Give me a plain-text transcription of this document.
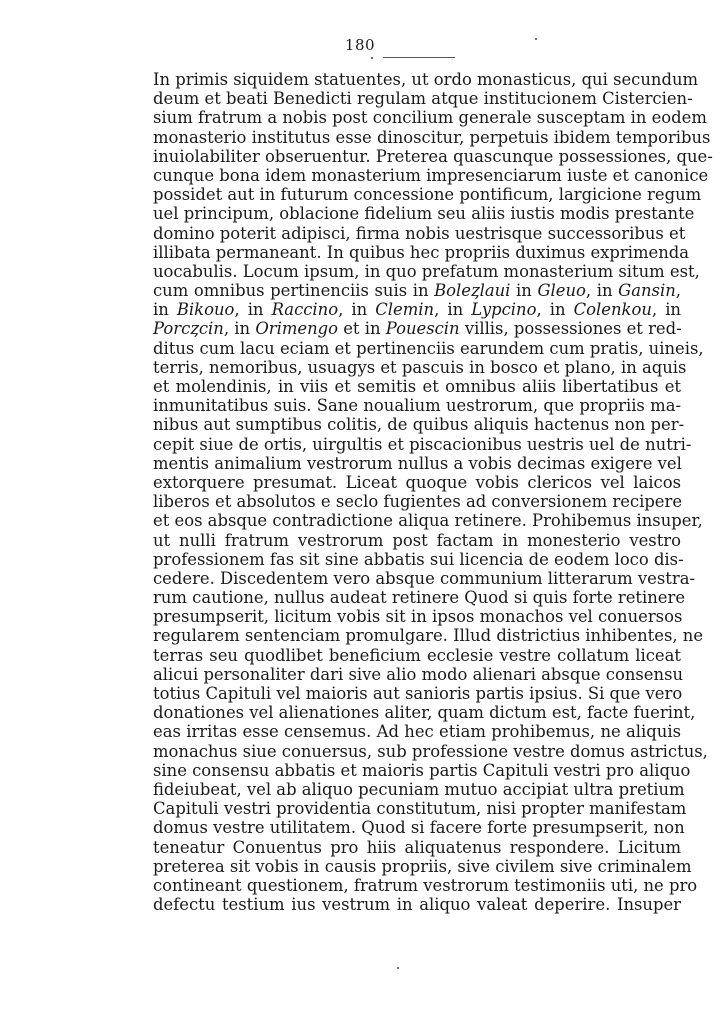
180
In primis siquidem statuentes, ut ordo monasticus, qui secundum
deum et beati Benedicti regulam atque institucionem Cistercien-
sium fratrum a nobis post concilium generale susceptam in eodem
monasterio institutus esse dinoscitur, perpetuis ibidem temporibus
inuiolabiliter obseruentur. Preterea quascunque possessiones, que-
cunque bona idem monasterium impresenciarum iuste et canonice
possidet aut in futurum concessione pontificum, largicione regum
uel principum, oblacione fidelium seu aliis iustis modis prestante
domino poterit adipisci, firma nobis uestrisque successoribus et
illibata permaneant. In quibus hec propriis duximus exprimenda
uocabulis. Locum ipsum, in quo prefatum monasterium situm est,
cum omnibus pertinenciis suis in Boleȥlaui in Gleuo, in Gansin,
in Bikouo, in Raccino, in Clemin, in Lypcino, in Colenkou, in
Porcȥcin, in Orimengo et in Pouescin villis, possessiones et red-
ditus cum lacu eciam et pertinenciis earundem cum pratis, uineis,
terris, nemoribus, usuagys et pascuis in bosco et plano, in aquis
et molendinis, in viis et semitis et omnibus aliis libertatibus et
inmunitatibus suis. Sane noualium uestrorum, que propriis ma-
nibus aut sumptibus colitis, de quibus aliquis hactenus non per-
cepit siue de ortis, uirgultis et piscacionibus uestris uel de nutri-
mentis animalium vestrorum nullus a vobis decimas exigere vel
extorquere presumat. Liceat quoque vobis clericos vel laicos
liberos et absolutos e seclo fugientes ad conversionem recipere
et eos absque contradictione aliqua retinere. Prohibemus insuper,
ut nulli fratrum vestrorum post factam in monesterio vestro
professionem fas sit sine abbatis sui licencia de eodem loco dis-
cedere. Discedentem vero absque communium litterarum vestra-
rum cautione, nullus audeat retinere Quod si quis forte retinere
presumpserit, licitum vobis sit in ipsos monachos vel conuersos
regularem sentenciam promulgare. Illud districtius inhibentes, ne
terras seu quodlibet beneficium ecclesie vestre collatum liceat
alicui personaliter dari sive alio modo alienari absque consensu
totius Capituli vel maioris aut sanioris partis ipsius. Si que vero
donationes vel alienationes aliter, quam dictum est, facte fuerint,
eas irritas esse censemus. Ad hec etiam prohibemus, ne aliquis
monachus siue conuersus, sub professione vestre domus astrictus,
sine consensu abbatis et maioris partis Capituli vestri pro aliquo
fideiubeat, vel ab aliquo pecuniam mutuo accipiat ultra pretium
Capituli vestri providentia constitutum, nisi propter manifestam
domus vestre utilitatem. Quod si facere forte presumpserit, non
teneatur Conuentus pro hiis aliquatenus respondere. Licitum
preterea sit vobis in causis propriis, sive civilem sive criminalem
contineant questionem, fratrum vestrorum testimoniis uti, ne pro
defectu testium ius vestrum in aliquo valeat deperire. Insuper
